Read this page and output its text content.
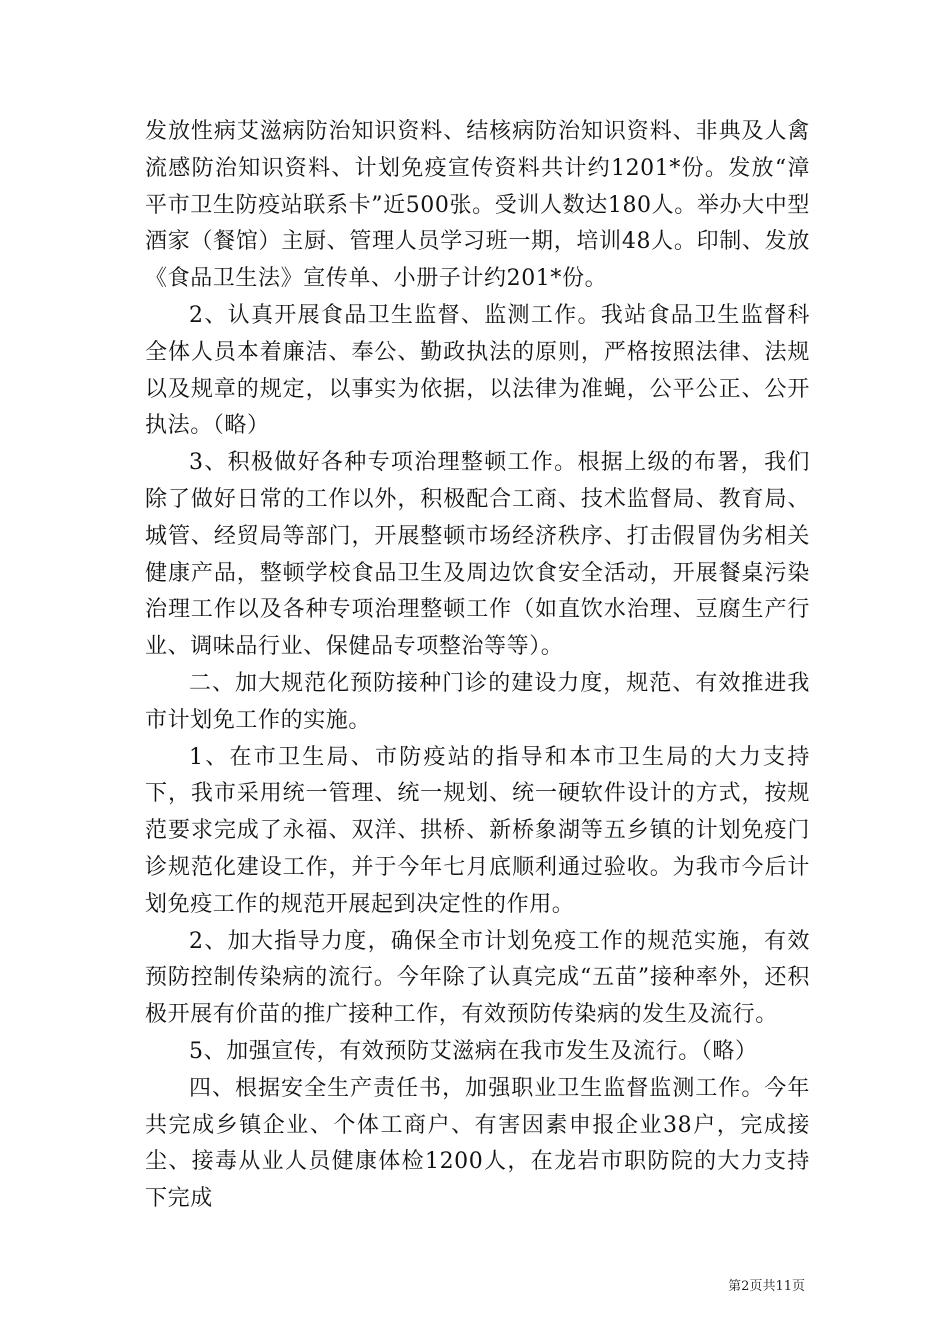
发放性病艾滋病防治知识资料、结核病防治知识资料、非典及人禽流感防治知识资料、计划免疫宣传资料共计约1201*份。发放“漳平市卫生防疫站联系卡”近500张。受训人数达180人。举办大中型酒家（餐馆）主厨、管理人员学习班一期，培训48人。印制、发放《食品卫生法》宣传单、小册子计约201*份。

2、认真开展食品卫生监督、监测工作。我站食品卫生监督科全体人员本着廉洁、奉公、勤政执法的原则，严格按照法律、法规以及规章的规定，以事实为依据，以法律为准蝇，公平公正、公开执法。（略）

3、积极做好各种专项治理整顿工作。根据上级的布署，我们除了做好日常的工作以外，积极配合工商、技术监督局、教育局、城管、经贸局等部门，开展整顿市场经济秩序、打击假冒伪劣相关健康产品，整顿学校食品卫生及周边饮食安全活动，开展餐桌污染治理工作以及各种专项治理整顿工作（如直饮水治理、豆腐生产行业、调味品行业、保健品专项整治等等）。

二、加大规范化预防接种门诊的建设力度，规范、有效推进我市计划免工作的实施。

1、在市卫生局、市防疫站的指导和本市卫生局的大力支持下，我市采用统一管理、统一规划、统一硬软件设计的方式，按规范要求完成了永福、双洋、拱桥、新桥象湖等五乡镇的计划免疫门诊规范化建设工作，并于今年七月底顺利通过验收。为我市今后计划免疫工作的规范开展起到决定性的作用。

2、加大指导力度，确保全市计划免疫工作的规范实施，有效预防控制传染病的流行。今年除了认真完成“五苗”接种率外，还积极开展有价苗的推广接种工作，有效预防传染病的发生及流行。

5、加强宣传，有效预防艾滋病在我市发生及流行。（略）

四、根据安全生产责任书，加强职业卫生监督监测工作。今年共完成乡镇企业、个体工商户、有害因素申报企业38户，完成接尘、接毒从业人员健康体检1200人，在龙岩市职防院的大力支持下完成

第2页共11页
